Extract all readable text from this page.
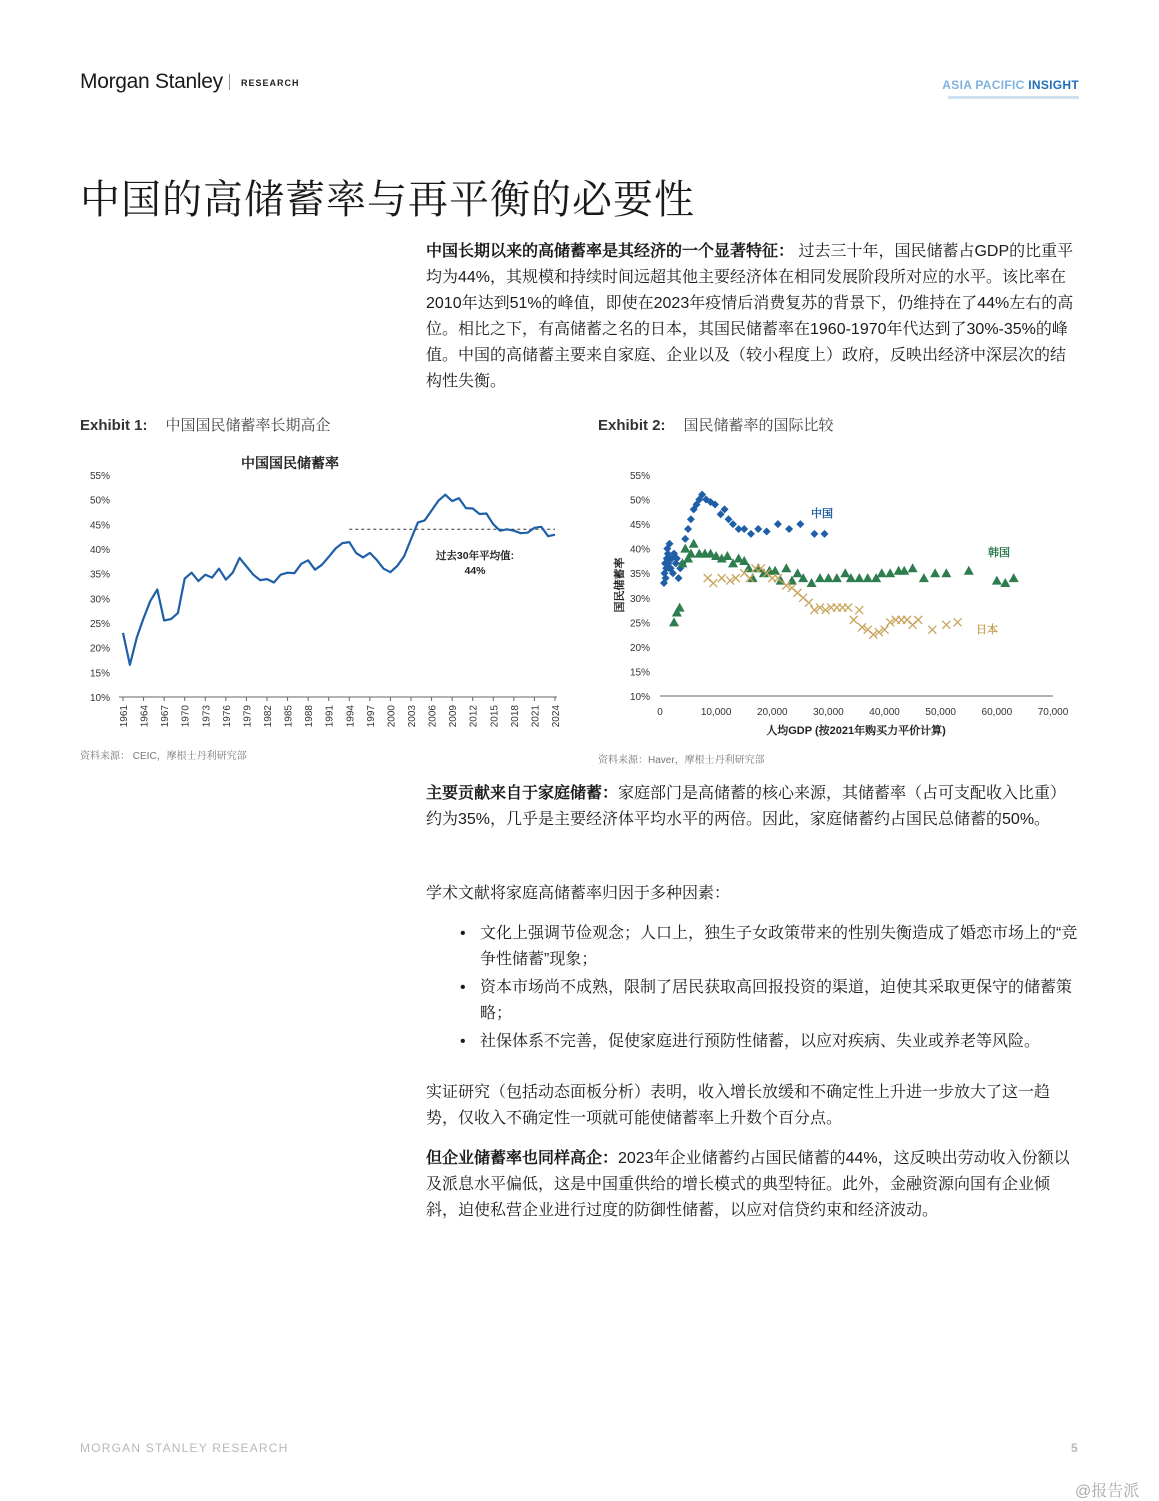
Morgan Stanley RESEARCH	ASIA PACIFIC INSIGHT
中国的高储蓄率与再平衡的必要性
中国长期以来的高储蓄率是其经济的一个显著特征： 过去三十年，国民储蓄占GDP的比重平均为44%，其规模和持续时间远超其他主要经济体在相同发展阶段所对应的水平。该比率在2010年达到51%的峰值，即使在2023年疫情后消费复苏的背景下，仍维持在了44%左右的高位。相比之下，有高储蓄之名的日本，其国民储蓄率在1960-1970年代达到了30%-35%的峰值。中国的高储蓄主要来自家庭、企业以及（较小程度上）政府，反映出经济中深层次的结构性失衡。
Exhibit 1: 中国国民储蓄率长期高企	Exhibit 2: 国民储蓄率的国际比较
中国国民储蓄率
10%
15%
20%
25%
30%
35%
40%
45%
50%
55%
1961 1964 1967 1970 1973 1976 1979 1982 1985 1988 1991 1994 1997 2000 2003 2006 2009 2012 2015 2018 2021 2024
过去30年平均值:
44%
10%
15%
20%
25%
30%
35%
40%
45%
50%
55%
0	10,000	20,000	30,000	40,000	50,000	60,000	70,000
人均GDP (按2021年购买力平价计算)
国民储蓄率
中国
韩国
日本
资料来源： CEIC，摩根士丹利研究部	资料来源：Haver，摩根士丹利研究部
主要贡献来自于家庭储蓄：家庭部门是高储蓄的核心来源，其储蓄率（占可支配收入比重）约为35%，几乎是主要经济体平均水平的两倍。因此，家庭储蓄约占国民总储蓄的50%。
学术文献将家庭高储蓄率归因于多种因素：
• 文化上强调节俭观念；人口上，独生子女政策带来的性别失衡造成了婚恋市场上的“竞争性储蓄”现象；
• 资本市场尚不成熟，限制了居民获取高回报投资的渠道，迫使其采取更保守的储蓄策略；
• 社保体系不完善，促使家庭进行预防性储蓄，以应对疾病、失业或养老等风险。
实证研究（包括动态面板分析）表明，收入增长放缓和不确定性上升进一步放大了这一趋势，仅收入不确定性一项就可能使储蓄率上升数个百分点。
但企业储蓄率也同样高企：2023年企业储蓄约占国民储蓄的44%，这反映出劳动收入份额以及派息水平偏低，这是中国重供给的增长模式的典型特征。此外，金融资源向国有企业倾斜，迫使私营企业进行过度的防御性储蓄，以应对信贷约束和经济波动。
MORGAN STANLEY RESEARCH	5
@报告派
